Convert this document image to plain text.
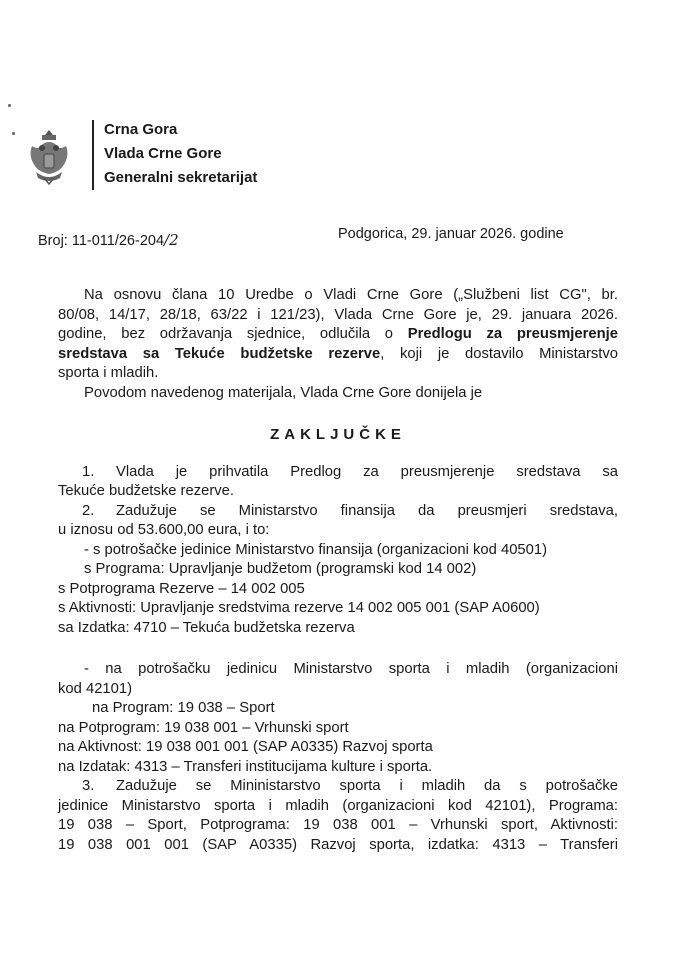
Crna Gora
Vlada Crne Gore
Generalni sekretarijat
Broj: 11-011/26-204/2	Podgorica, 29. januar 2026. godine
Na osnovu člana 10 Uredbe o Vladi Crne Gore („Službeni list CG", br.
80/08, 14/17, 28/18, 63/22 i 121/23), Vlada Crne Gore je, 29. januara 2026.
godine, bez održavanja sjednice, odlučila o Predlogu za preusmjerenje
sredstava sa Tekuće budžetske rezerve, koji je dostavilo Ministarstvo
sporta i mladih.
Povodom navedenog materijala, Vlada Crne Gore donijela je
ZAKLJUČKE
1. Vlada je prihvatila Predlog za preusmjerenje sredstava sa
Tekuće budžetske rezerve.
2. Zadužuje se Ministarstvo finansija da preusmjeri sredstava,
u iznosu od 53.600,00 eura, i to:
- s potrošačke jedinice Ministarstvo finansija (organizacioni kod 40501)
s Programa: Upravljanje budžetom (programski kod 14 002)
s Potprograma Rezerve – 14 002 005
s Aktivnosti: Upravljanje sredstvima rezerve 14 002 005 001 (SAP A0600)
sa Izdatka: 4710 – Tekuća budžetska rezerva
- na potrošačku jedinicu Ministarstvo sporta i mladih (organizacioni
kod 42101)
na Program: 19 038 – Sport
na Potprogram: 19 038 001 – Vrhunski sport
na Aktivnost: 19 038 001 001 (SAP A0335) Razvoj sporta
na Izdatak: 4313 – Transferi institucijama kulture i sporta.
3. Zadužuje se Mininistarstvo sporta i mladih da s potrošačke
jedinice Ministarstvo sporta i mladih (organizacioni kod 42101), Programa:
19 038 – Sport, Potprograma: 19 038 001 – Vrhunski sport, Aktivnosti:
19 038 001 001 (SAP A0335) Razvoj sporta, izdatka: 4313 – Transferi
